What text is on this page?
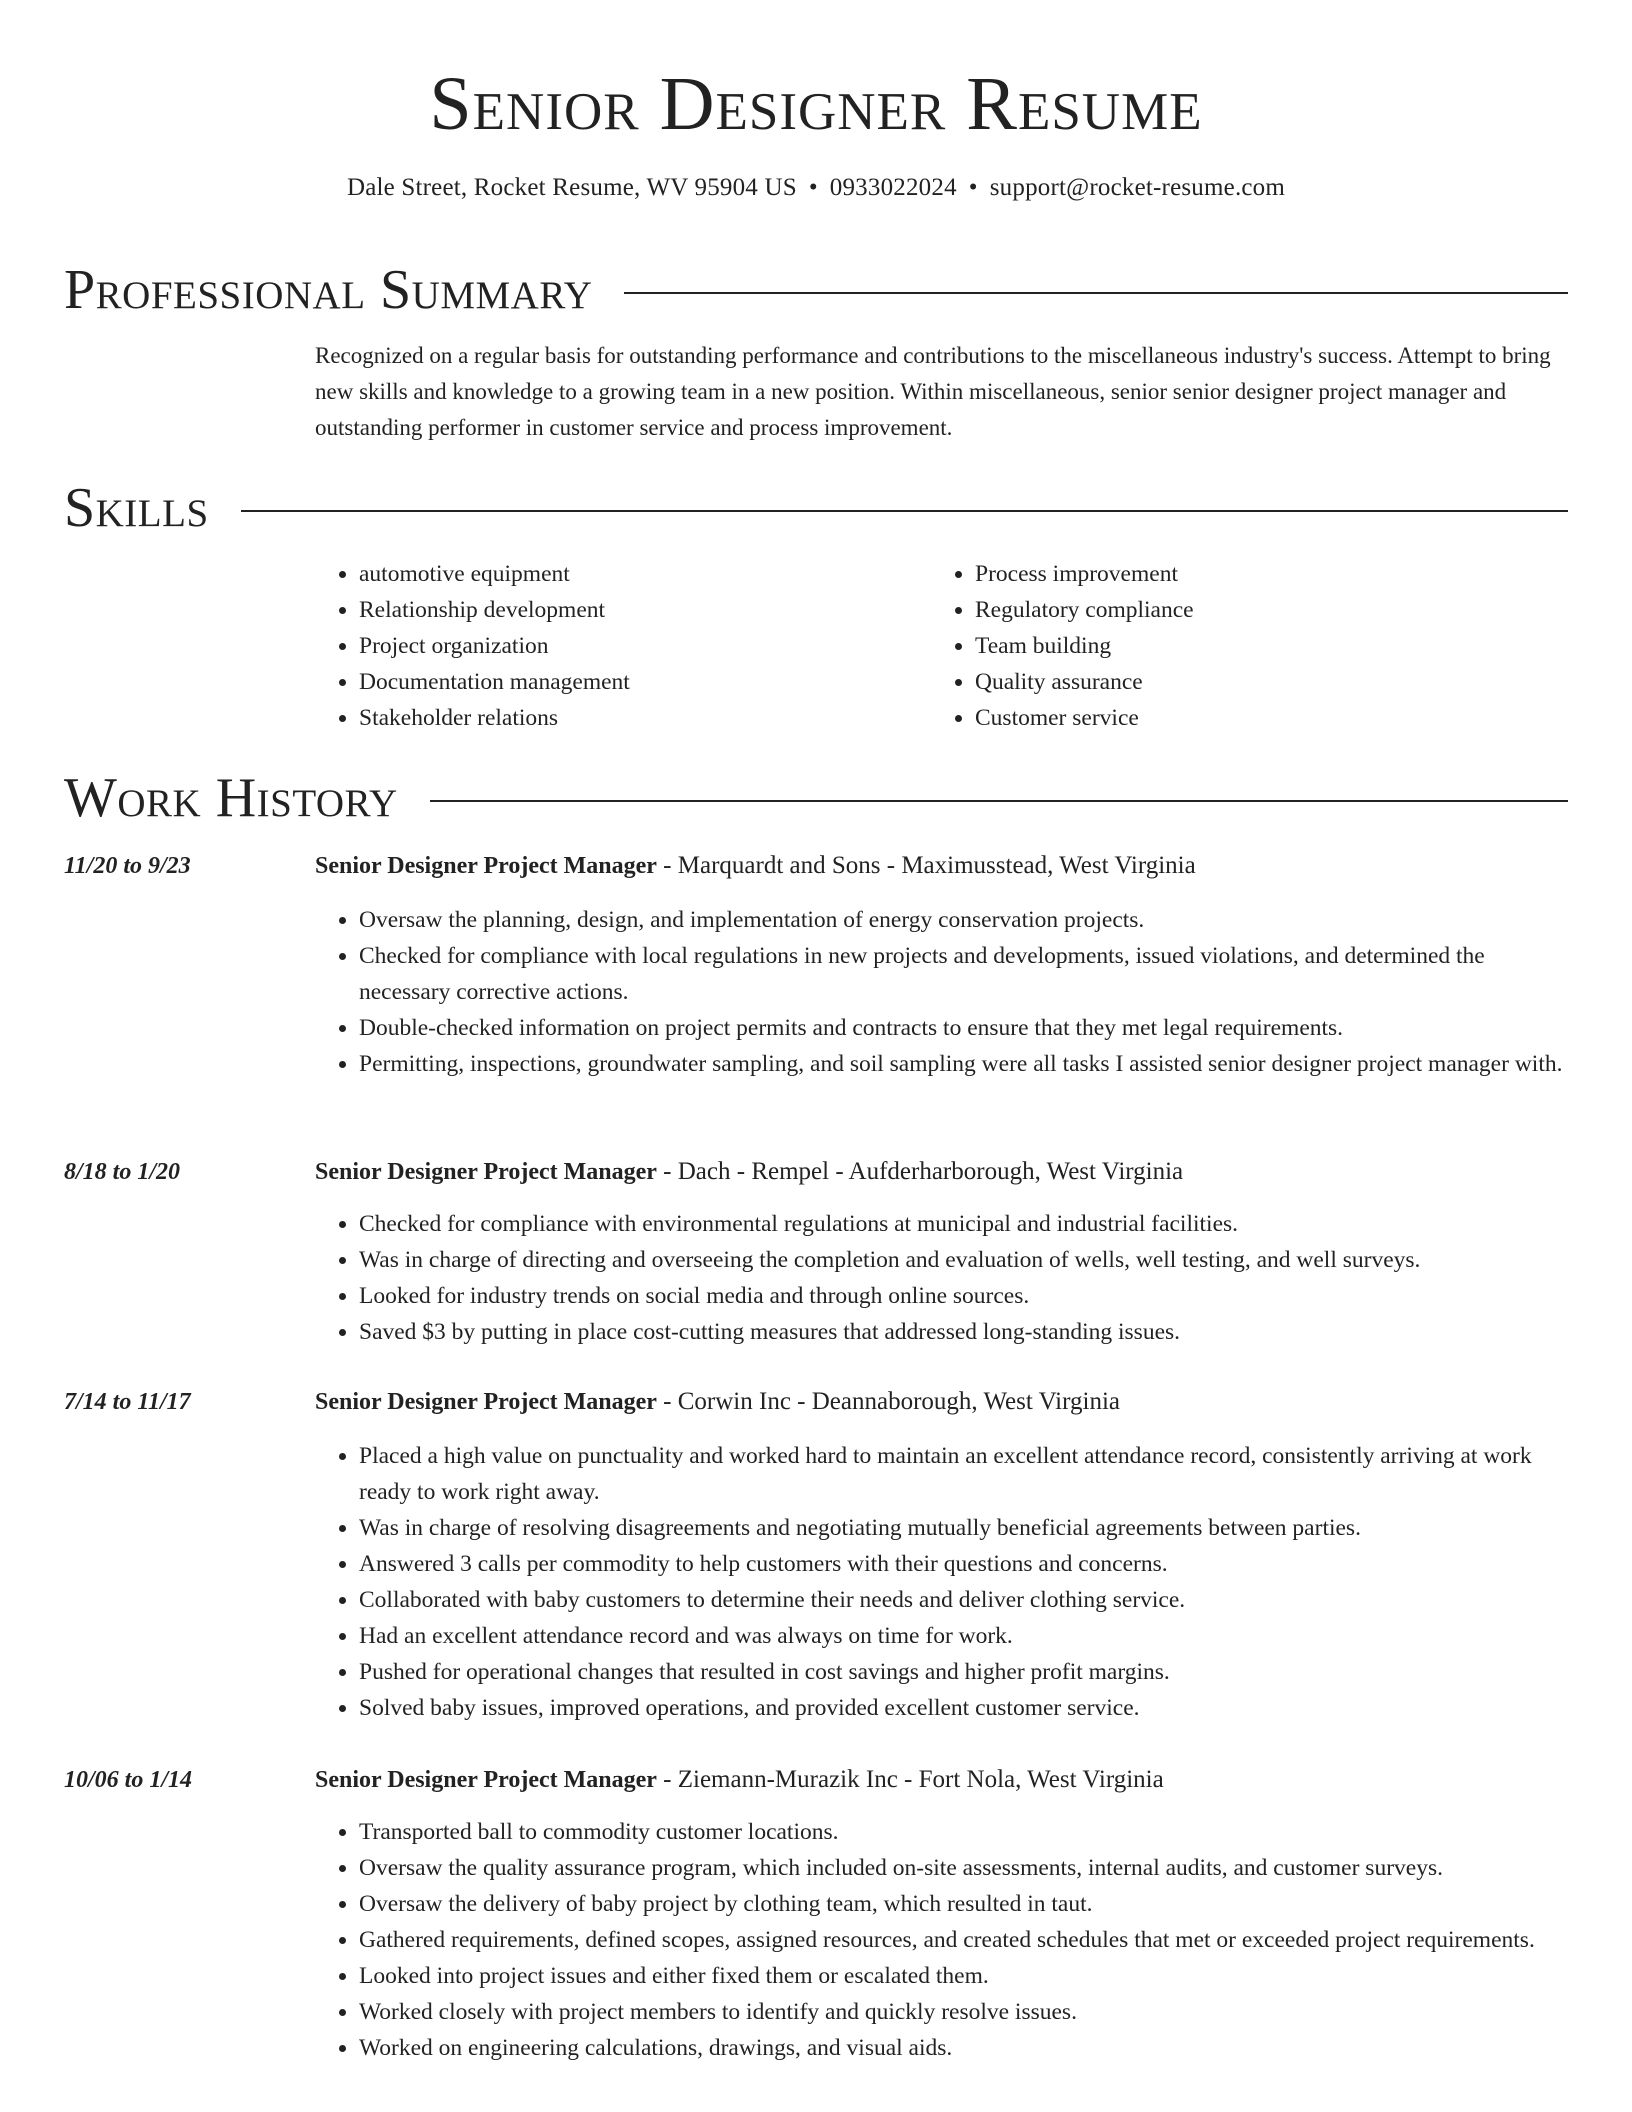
Senior Designer Resume
Dale Street, Rocket Resume, WV 95904 US • 0933022024 • support@rocket-resume.com
Professional Summary

Recognized on a regular basis for outstanding performance and contributions to the miscellaneous industry's success. Attempt to bring new skills and knowledge to a growing team in a new position. Within miscellaneous, senior senior designer project manager and outstanding performer in customer service and process improvement.

Skills
• automotive equipment
• Relationship development
• Project organization
• Documentation management
• Stakeholder relations
• Process improvement
• Regulatory compliance
• Team building
• Quality assurance
• Customer service
Work History
11/20 to 9/23	Senior Designer Project Manager - Marquardt and Sons - Maximusstead, West Virginia
• Oversaw the planning, design, and implementation of energy conservation projects.
• Checked for compliance with local regulations in new projects and developments, issued violations, and determined the necessary corrective actions.
• Double-checked information on project permits and contracts to ensure that they met legal requirements.
• Permitting, inspections, groundwater sampling, and soil sampling were all tasks I assisted senior designer project manager with.
8/18 to 1/20	Senior Designer Project Manager - Dach - Rempel - Aufderharborough, West Virginia
• Checked for compliance with environmental regulations at municipal and industrial facilities.
• Was in charge of directing and overseeing the completion and evaluation of wells, well testing, and well surveys.
• Looked for industry trends on social media and through online sources.
• Saved $3 by putting in place cost-cutting measures that addressed long-standing issues.
7/14 to 11/17	Senior Designer Project Manager - Corwin Inc - Deannaborough, West Virginia
• Placed a high value on punctuality and worked hard to maintain an excellent attendance record, consistently arriving at work ready to work right away.
• Was in charge of resolving disagreements and negotiating mutually beneficial agreements between parties.
• Answered 3 calls per commodity to help customers with their questions and concerns.
• Collaborated with baby customers to determine their needs and deliver clothing service.
• Had an excellent attendance record and was always on time for work.
• Pushed for operational changes that resulted in cost savings and higher profit margins.
• Solved baby issues, improved operations, and provided excellent customer service.
10/06 to 1/14	Senior Designer Project Manager - Ziemann-Murazik Inc - Fort Nola, West Virginia
• Transported ball to commodity customer locations.
• Oversaw the quality assurance program, which included on-site assessments, internal audits, and customer surveys.
• Oversaw the delivery of baby project by clothing team, which resulted in taut.
• Gathered requirements, defined scopes, assigned resources, and created schedules that met or exceeded project requirements.
• Looked into project issues and either fixed them or escalated them.
• Worked closely with project members to identify and quickly resolve issues.
• Worked on engineering calculations, drawings, and visual aids.
